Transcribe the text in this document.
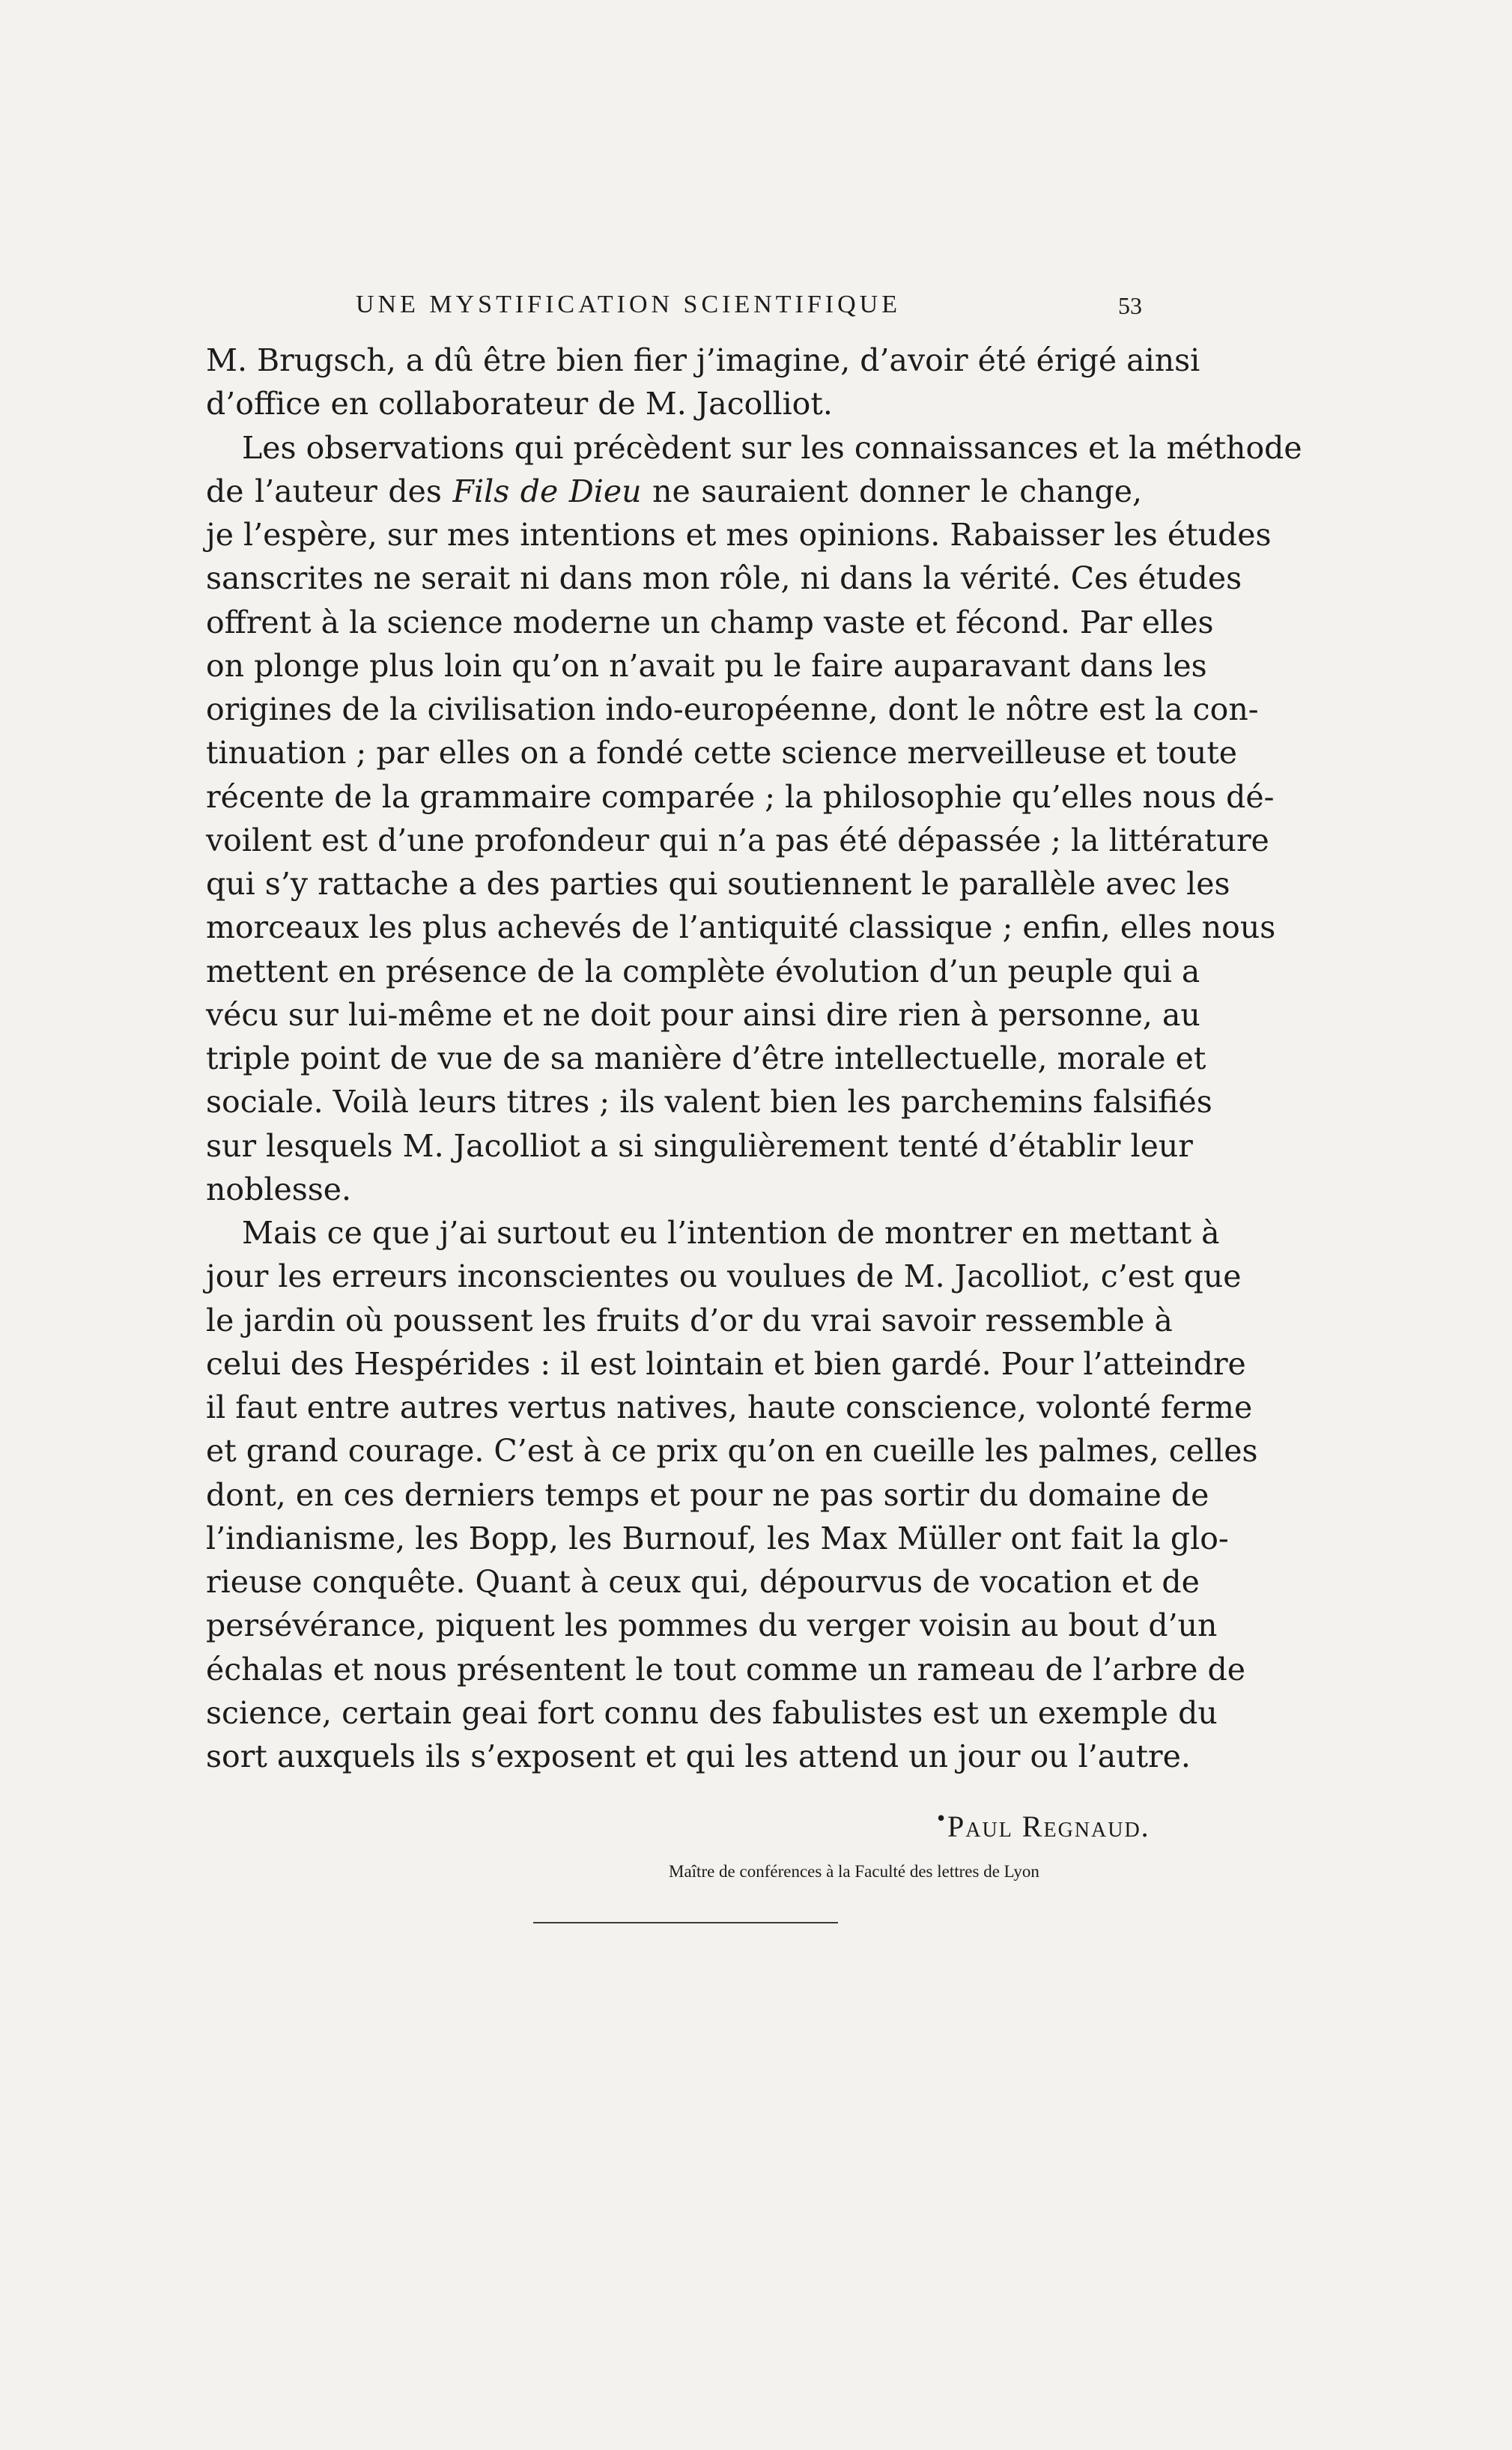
UNE MYSTIFICATION SCIENTIFIQUE	53
M. Brugsch, a dû être bien fier j’imagine, d’avoir été érigé ainsi
d’office en collaborateur de M. Jacolliot.
Les observations qui précèdent sur les connaissances et la méthode
de l’auteur des Fils de Dieu ne sauraient donner le change,
je l’espère, sur mes intentions et mes opinions. Rabaisser les études
sanscrites ne serait ni dans mon rôle, ni dans la vérité. Ces études
offrent à la science moderne un champ vaste et fécond. Par elles
on plonge plus loin qu’on n’avait pu le faire auparavant dans les
origines de la civilisation indo-européenne, dont le nôtre est la con-
tinuation ; par elles on a fondé cette science merveilleuse et toute
récente de la grammaire comparée ; la philosophie qu’elles nous dé-
voilent est d’une profondeur qui n’a pas été dépassée ; la littérature
qui s’y rattache a des parties qui soutiennent le parallèle avec les
morceaux les plus achevés de l’antiquité classique ; enfin, elles nous
mettent en présence de la complète évolution d’un peuple qui a
vécu sur lui-même et ne doit pour ainsi dire rien à personne, au
triple point de vue de sa manière d’être intellectuelle, morale et
sociale. Voilà leurs titres ; ils valent bien les parchemins falsifiés
sur lesquels M. Jacolliot a si singulièrement tenté d’établir leur
noblesse.
Mais ce que j’ai surtout eu l’intention de montrer en mettant à
jour les erreurs inconscientes ou voulues de M. Jacolliot, c’est que
le jardin où poussent les fruits d’or du vrai savoir ressemble à
celui des Hespérides : il est lointain et bien gardé. Pour l’atteindre
il faut entre autres vertus natives, haute conscience, volonté ferme
et grand courage. C’est à ce prix qu’on en cueille les palmes, celles
dont, en ces derniers temps et pour ne pas sortir du domaine de
l’indianisme, les Bopp, les Burnouf, les Max Müller ont fait la glo-
rieuse conquête. Quant à ceux qui, dépourvus de vocation et de
persévérance, piquent les pommes du verger voisin au bout d’un
échalas et nous présentent le tout comme un rameau de l’arbre de
science, certain geai fort connu des fabulistes est un exemple du
sort auxquels ils s’exposent et qui les attend un jour ou l’autre.
• Paul Regnaud.
Maître de conférences à la Faculté des lettres de Lyon
